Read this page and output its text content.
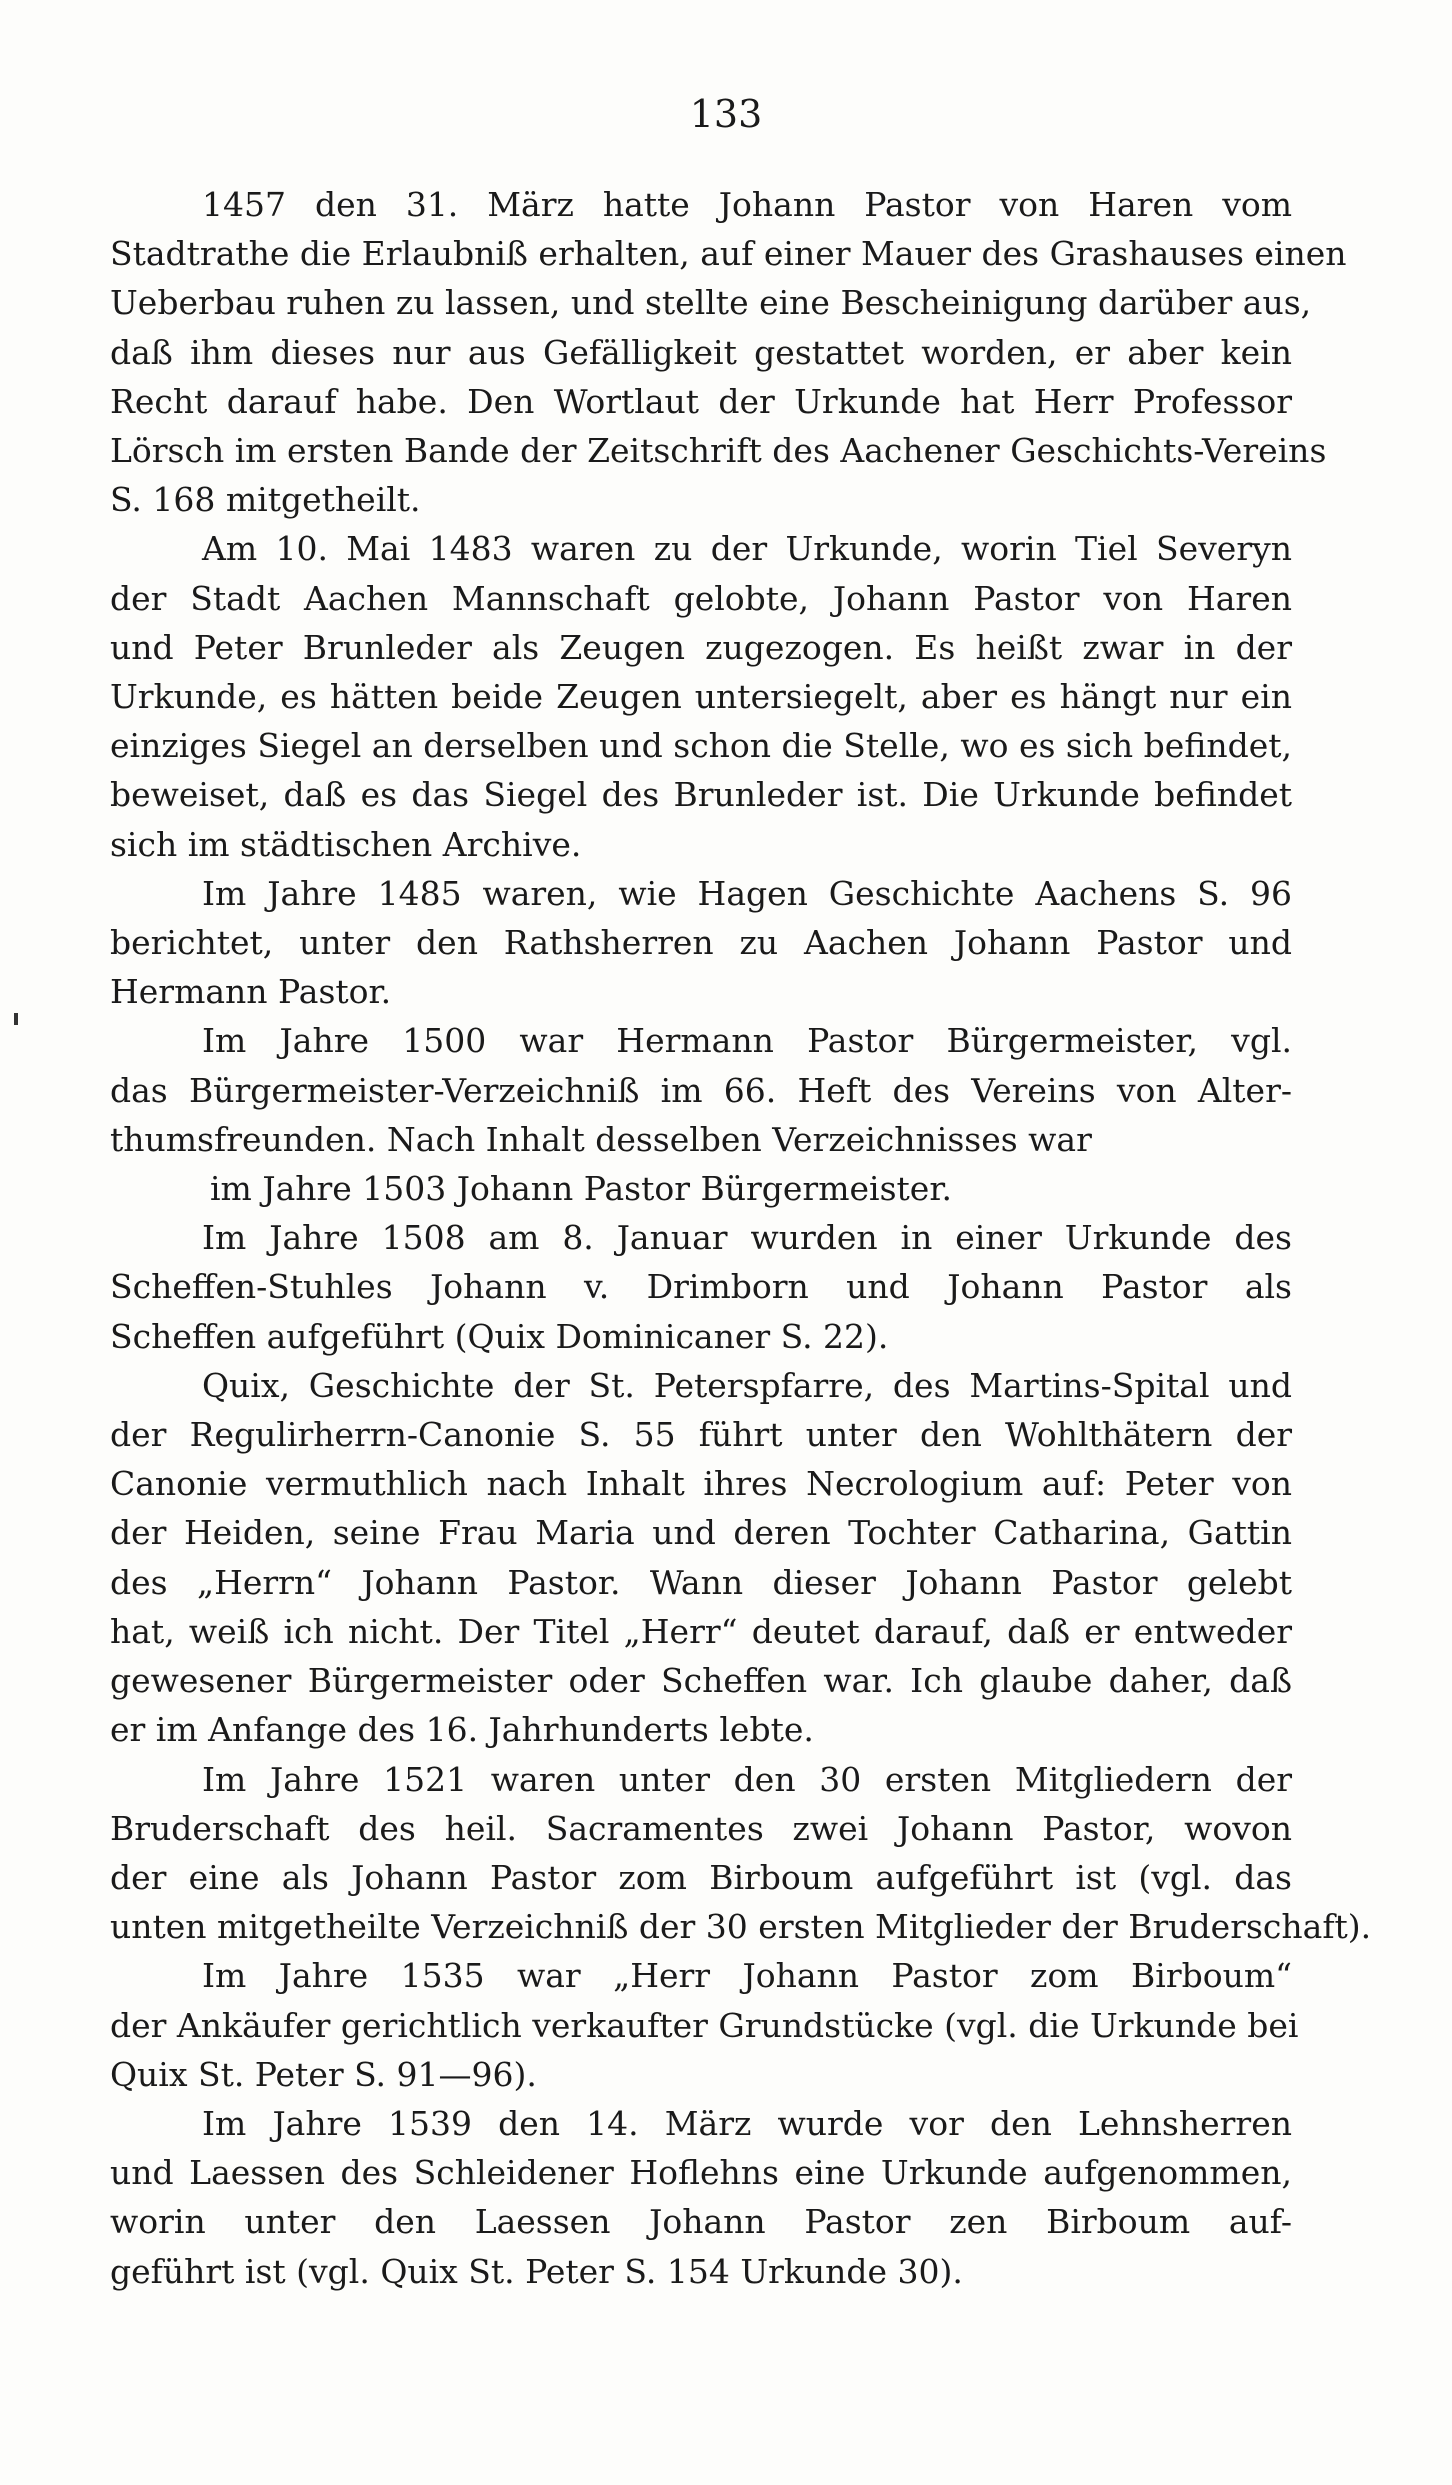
133

1457 den 31. März hatte Johann Pastor von Haren vom
Stadtrathe die Erlaubniß erhalten, auf einer Mauer des Grashauses einen
Ueberbau ruhen zu lassen, und stellte eine Bescheinigung darüber aus,
daß ihm dieses nur aus Gefälligkeit gestattet worden, er aber kein
Recht darauf habe. Den Wortlaut der Urkunde hat Herr Professor
Lörsch im ersten Bande der Zeitschrift des Aachener Geschichts-Vereins
S. 168 mitgetheilt.

Am 10. Mai 1483 waren zu der Urkunde, worin Tiel Severyn
der Stadt Aachen Mannschaft gelobte, Johann Pastor von Haren
und Peter Brunleder als Zeugen zugezogen. Es heißt zwar in der
Urkunde, es hätten beide Zeugen untersiegelt, aber es hängt nur ein
einziges Siegel an derselben und schon die Stelle, wo es sich befindet,
beweiset, daß es das Siegel des Brunleder ist. Die Urkunde befindet
sich im städtischen Archive.

Im Jahre 1485 waren, wie Hagen Geschichte Aachens S. 96
berichtet, unter den Rathsherren zu Aachen Johann Pastor und
Hermann Pastor.

Im Jahre 1500 war Hermann Pastor Bürgermeister, vgl.
das Bürgermeister-Verzeichniß im 66. Heft des Vereins von Alter-
thumsfreunden. Nach Inhalt desselben Verzeichnisses war

im Jahre 1503 Johann Pastor Bürgermeister.

Im Jahre 1508 am 8. Januar wurden in einer Urkunde des
Scheffen-Stuhles Johann v. Drimborn und Johann Pastor als
Scheffen aufgeführt (Quix Dominicaner S. 22).

Quix, Geschichte der St. Peterspfarre, des Martins-Spital und
der Regulirherrn-Canonie S. 55 führt unter den Wohlthätern der
Canonie vermuthlich nach Inhalt ihres Necrologium auf: Peter von
der Heiden, seine Frau Maria und deren Tochter Catharina, Gattin
des „Herrn“ Johann Pastor. Wann dieser Johann Pastor gelebt
hat, weiß ich nicht. Der Titel „Herr“ deutet darauf, daß er entweder
gewesener Bürgermeister oder Scheffen war. Ich glaube daher, daß
er im Anfange des 16. Jahrhunderts lebte.

Im Jahre 1521 waren unter den 30 ersten Mitgliedern der
Bruderschaft des heil. Sacramentes zwei Johann Pastor, wovon
der eine als Johann Pastor zom Birboum aufgeführt ist (vgl. das
unten mitgetheilte Verzeichniß der 30 ersten Mitglieder der Bruderschaft).

Im Jahre 1535 war „Herr Johann Pastor zom Birboum“
der Ankäufer gerichtlich verkaufter Grundstücke (vgl. die Urkunde bei
Quix St. Peter S. 91—96).

Im Jahre 1539 den 14. März wurde vor den Lehnsherren
und Laessen des Schleidener Hoflehns eine Urkunde aufgenommen,
worin unter den Laessen Johann Pastor zen Birboum auf-
geführt ist (vgl. Quix St. Peter S. 154 Urkunde 30).
